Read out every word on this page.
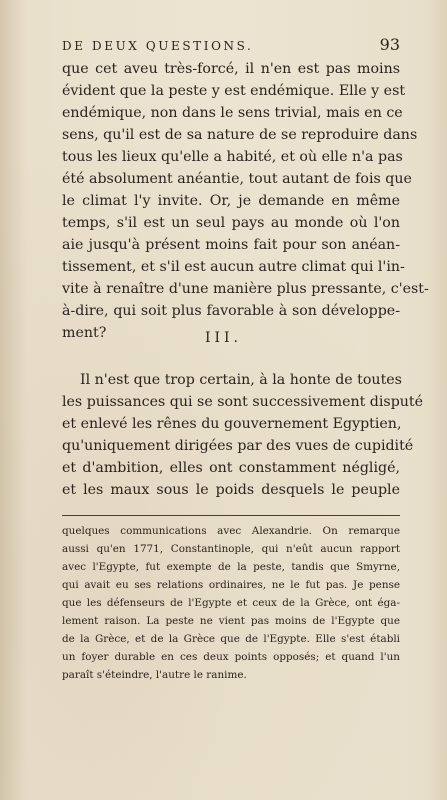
DE DEUX QUESTIONS.	93
que cet aveu très-forcé, il n'en est pas moins
évident que la peste y est endémique. Elle y est
endémique, non dans le sens trivial, mais en ce
sens, qu'il est de sa nature de se reproduire dans
tous les lieux qu'elle a habité, et où elle n'a pas
été absolument anéantie, tout autant de fois que
le climat l'y invite. Or, je demande en même
temps, s'il est un seul pays au monde où l'on
aie jusqu'à présent moins fait pour son anéan-
tissement, et s'il est aucun autre climat qui l'in-
vite à renaître d'une manière plus pressante, c'est-
à-dire, qui soit plus favorable à son développe-
ment?	III.
Il n'est que trop certain, à la honte de toutes
les puissances qui se sont successivement disputé
et enlevé les rênes du gouvernement Egyptien,
qu'uniquement dirigées par des vues de cupidité
et d'ambition, elles ont constamment négligé,
et les maux sous le poids desquels le peuple
quelques communications avec Alexandrie. On remarque
aussi qu'en 1771, Constantinople, qui n'eût aucun rapport
avec l'Egypte, fut exempte de la peste, tandis que Smyrne,
qui avait eu ses relations ordinaires, ne le fut pas. Je pense
que les défenseurs de l'Egypte et ceux de la Grèce, ont éga-
lement raison. La peste ne vient pas moins de l'Egypte que
de la Grèce, et de la Grèce que de l'Egypte. Elle s'est établi
un foyer durable en ces deux points opposés; et quand l'un
paraît s'éteindre, l'autre le ranime.
